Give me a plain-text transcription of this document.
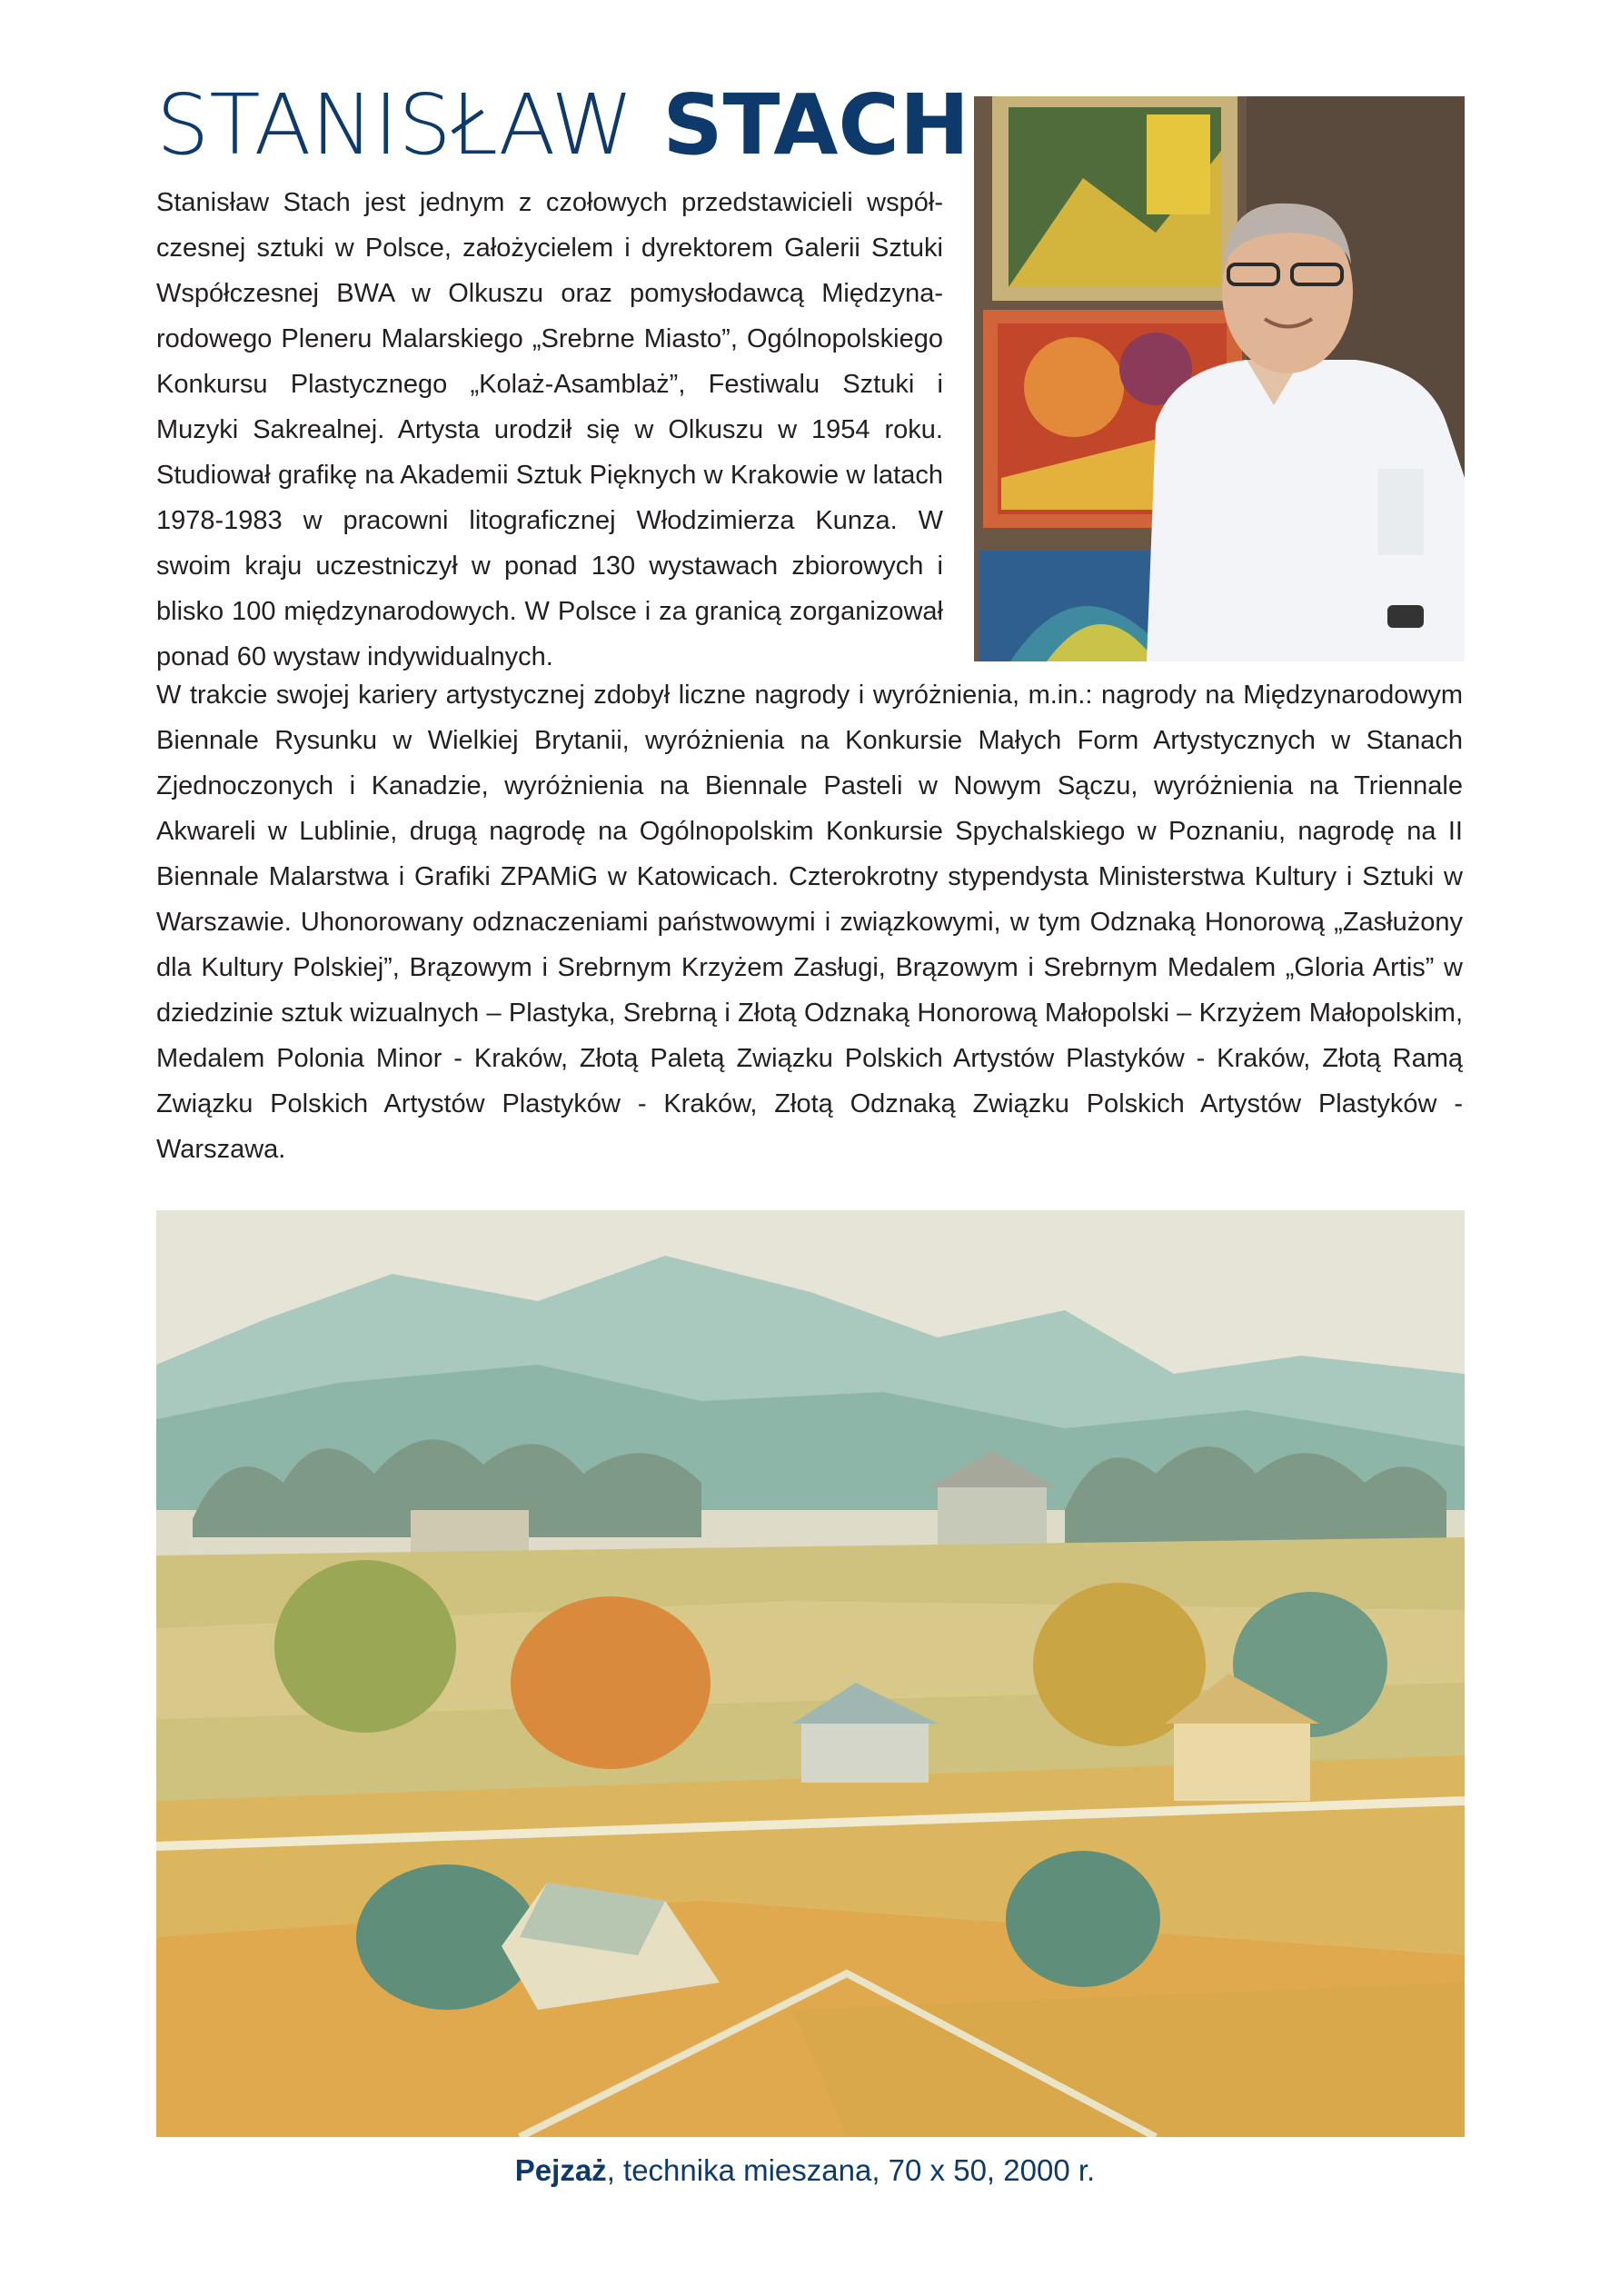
STANISŁAW STACH

Stanisław Stach jest jednym z czołowych przedstawicieli współczesnej sztuki w Polsce, założycielem i dyrektorem Galerii Sztuki Współczesnej BWA w Olkuszu oraz pomysłodawcą Międzynarodowego Pleneru Malarskiego „Srebrne Miasto”, Ogólnopolskiego Konkursu Plastycznego „Kolaż-Asamblaż”, Festiwalu Sztuki i Muzyki Sakrealnej. Artysta urodził się w Olkuszu w 1954 roku. Studiował grafikę na Akademii Sztuk Pięknych w Krakowie w latach 1978-1983 w pracowni litograficznej Włodzimierza Kunza. W swoim kraju uczestniczył w ponad 130 wystawach zbiorowych i blisko 100 międzynarodowych. W Polsce i za granicą zorganizował ponad 60 wystaw indywidualnych.

W trakcie swojej kariery artystycznej zdobył liczne nagrody i wyróżnienia, m.in.: nagrody na Międzynarodowym Biennale Rysunku w Wielkiej Brytanii, wyróżnienia na Konkursie Małych Form Artystycznych w Stanach Zjednoczonych i Kanadzie, wyróżnienia na Biennale Pasteli w Nowym Sączu, wyróżnienia na Triennale Akwareli w Lublinie, drugą nagrodę na Ogólnopolskim Konkursie Spychalskiego w Poznaniu, nagrodę na II Biennale Malarstwa i Grafiki ZPAMiG w Katowicach. Czterokrotny stypendysta Ministerstwa Kultury i Sztuki w Warszawie. Uhonorowany odznaczeniami państwowymi i związkowymi, w tym Odznaką Honorową „Zasłużony dla Kultury Polskiej”, Brązowym i Srebrnym Krzyżem Zasługi, Brązowym i Srebrnym Medalem „Gloria Artis” w dziedzinie sztuk wizualnych – Plastyka, Srebrną i Złotą Odznaką Honorową Małopolski – Krzyżem Małopolskim, Medalem Polonia Minor - Kraków, Złotą Paletą Związku Polskich Artystów Plastyków - Kraków, Złotą Ramą Związku Polskich Artystów Plastyków - Kraków, Złotą Odznaką Związku Polskich Artystów Plastyków - Warszawa.

Pejzaż, technika mieszana, 70 x 50, 2000 r.
